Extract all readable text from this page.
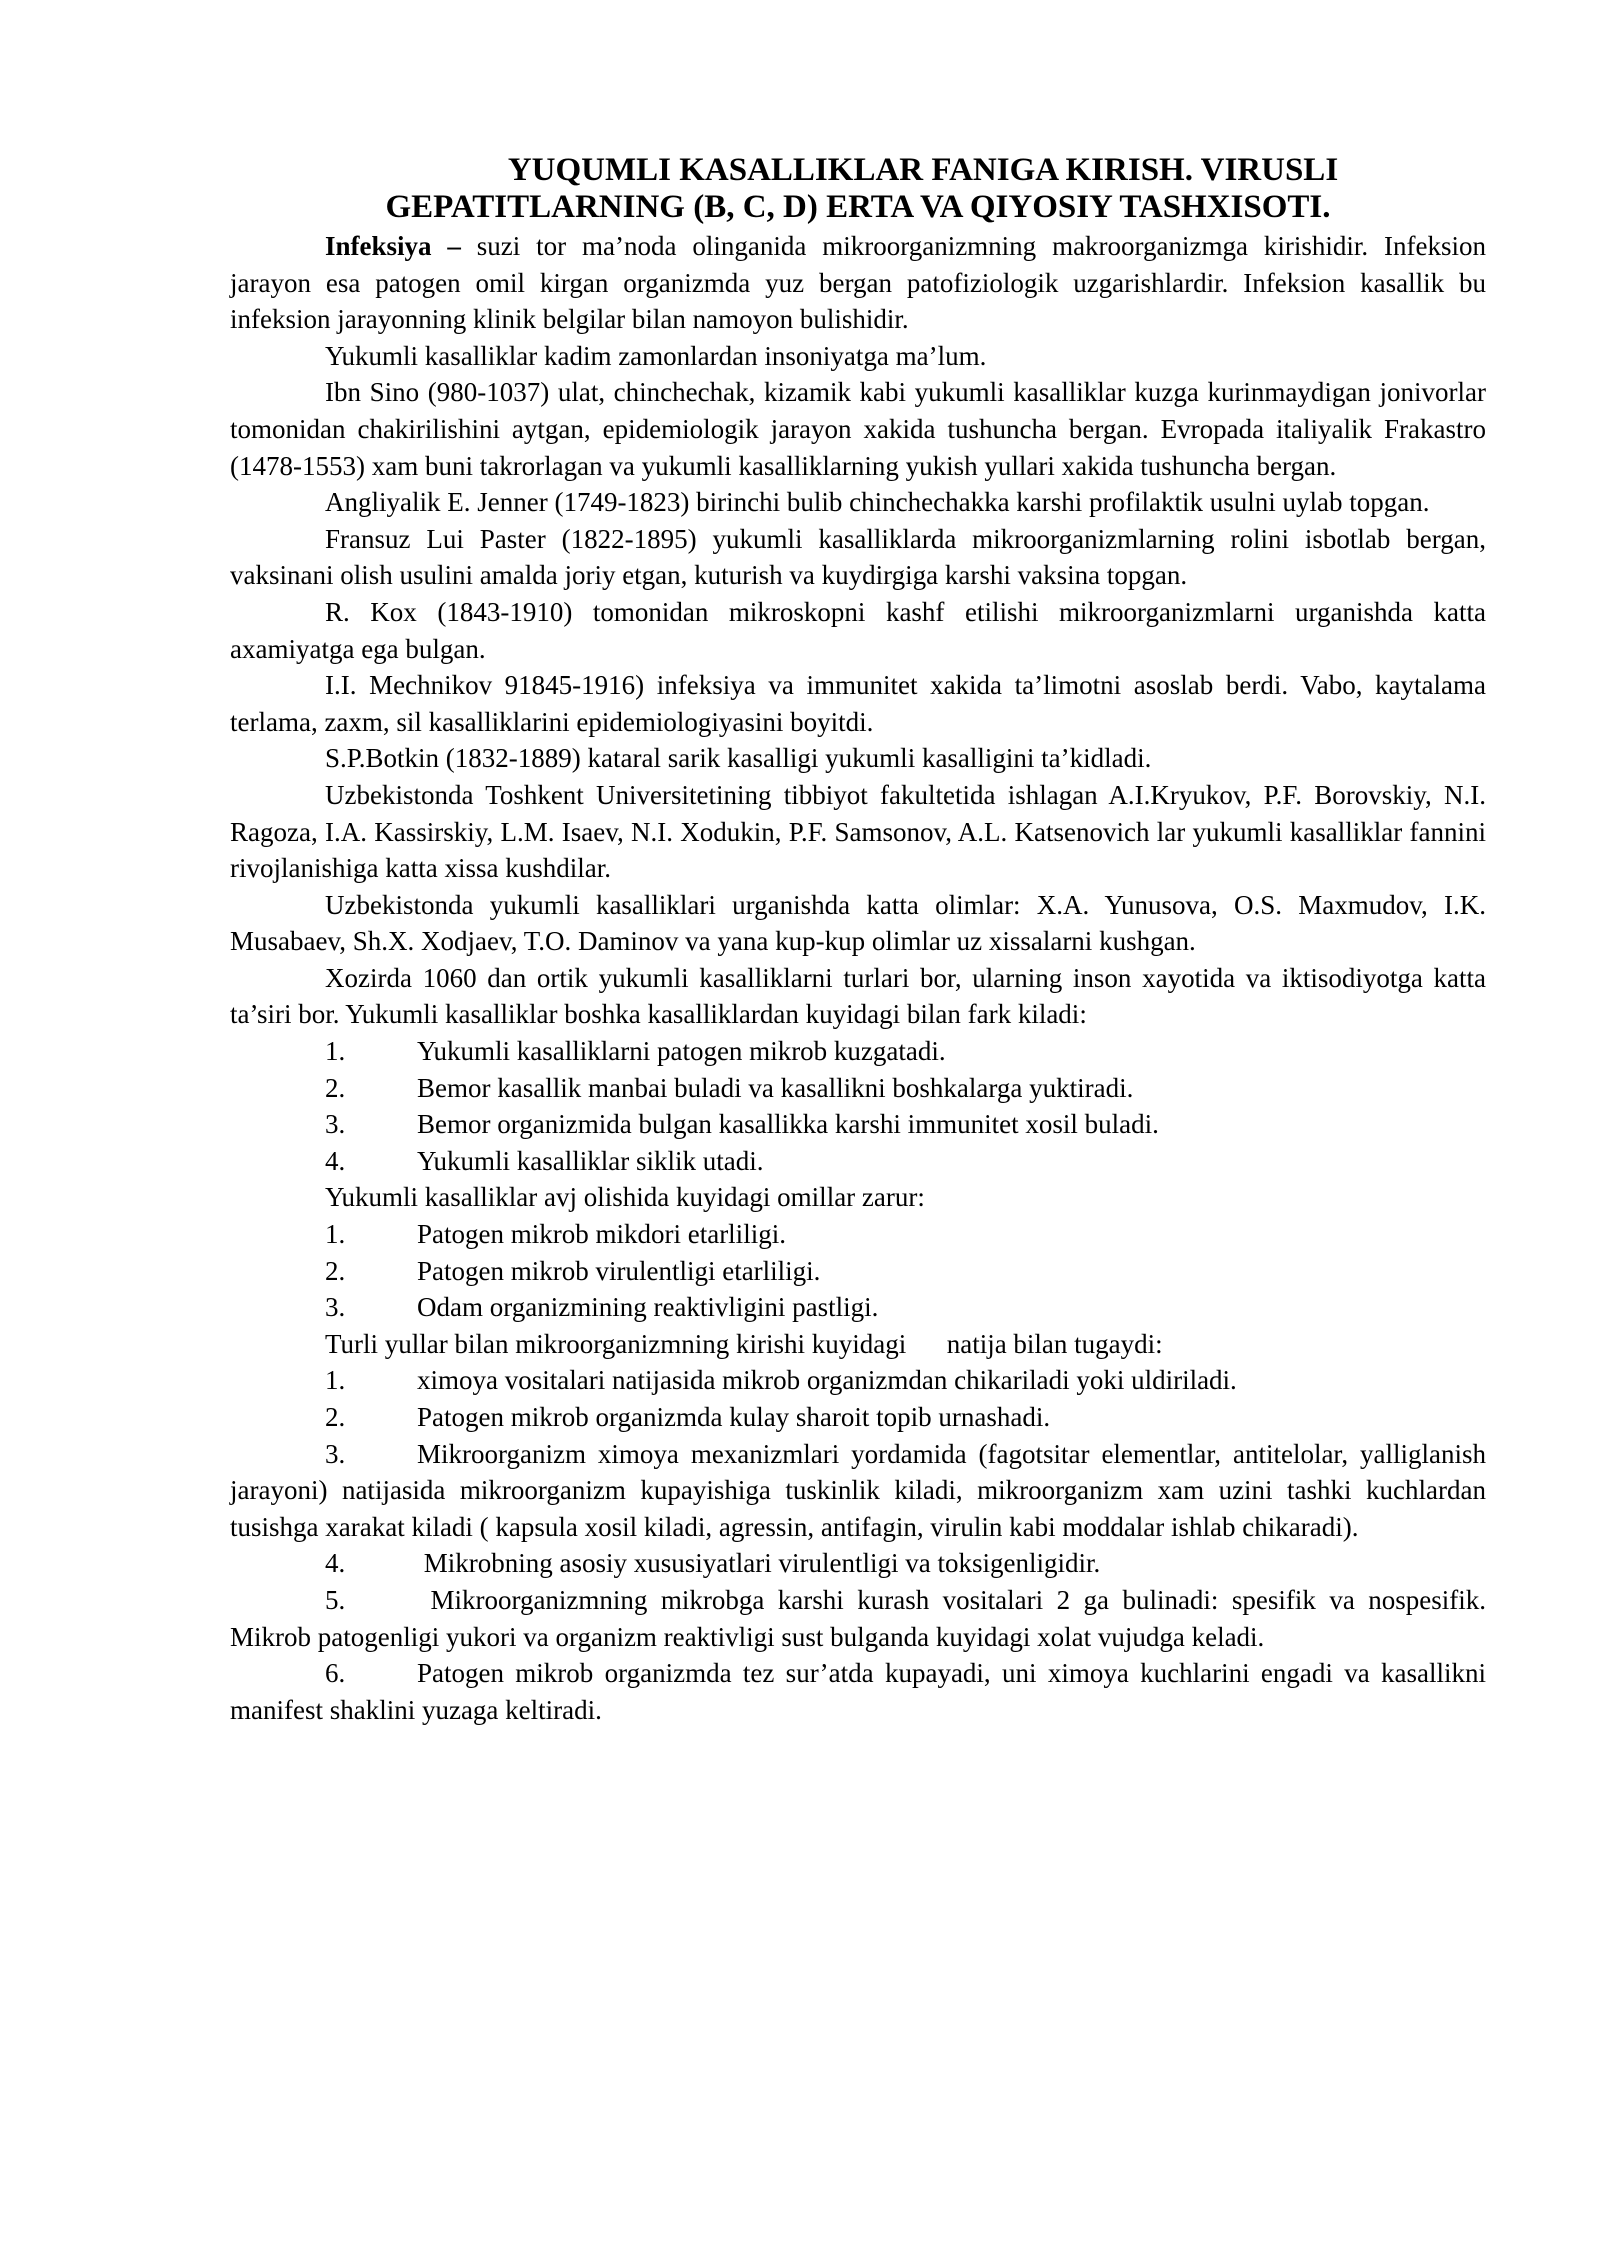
YUQUMLI KASALLIKLAR FANIGA KIRISH. VIRUSLI
GEPATITLARNING (B, C, D) ERTA VA QIYOSIY TASHXISOTI.

Infeksiya – suzi tor ma’noda olinganida mikroorganizmning makroorganizmga kirishidir. Infeksion jarayon esa patogen omil kirgan organizmda yuz bergan patofiziologik uzgarishlardir. Infeksion kasallik bu infeksion jarayonning klinik belgilar bilan namoyon bulishidir.

Yukumli kasalliklar kadim zamonlardan insoniyatga ma’lum.

Ibn Sino (980-1037) ulat, chinchechak, kizamik kabi yukumli kasalliklar kuzga kurinmaydigan jonivorlar tomonidan chakirilishini aytgan, epidemiologik jarayon xakida tushuncha bergan. Evropada italiyalik Frakastro (1478-1553) xam buni takrorlagan va yukumli kasalliklarning yukish yullari xakida tushuncha bergan.

Angliyalik E. Jenner (1749-1823) birinchi bulib chinchechakka karshi profilaktik usulni uylab topgan.

Fransuz Lui Paster (1822-1895) yukumli kasalliklarda mikroorganizmlarning rolini isbotlab bergan, vaksinani olish usulini amalda joriy etgan, kuturish va kuydirgiga karshi vaksina topgan.

R. Kox (1843-1910) tomonidan mikroskopni kashf etilishi mikroorganizmlarni urganishda katta axamiyatga ega bulgan.

I.I. Mechnikov 91845-1916) infeksiya va immunitet xakida ta’limotni asoslab berdi. Vabo, kaytalama terlama, zaxm, sil kasalliklarini epidemiologiyasini boyitdi.

S.P.Botkin (1832-1889) kataral sarik kasalligi yukumli kasalligini ta’kidladi.

Uzbekistonda Toshkent Universitetining tibbiyot fakultetida ishlagan A.I.Kryukov, P.F. Borovskiy, N.I. Ragoza, I.A. Kassirskiy, L.M. Isaev, N.I. Xodukin, P.F. Samsonov, A.L. Katsenovich lar yukumli kasalliklar fannini rivojlanishiga katta xissa kushdilar.

Uzbekistonda yukumli kasalliklari urganishda katta olimlar: X.A. Yunusova, O.S. Maxmudov, I.K. Musabaev, Sh.X. Xodjaev, T.O. Daminov va yana kup-kup olimlar uz xissalarni kushgan.

Xozirda 1060 dan ortik yukumli kasalliklarni turlari bor, ularning inson xayotida va iktisodiyotga katta ta’siri bor. Yukumli kasalliklar boshka kasalliklardan kuyidagi bilan fark kiladi:

1.	Yukumli kasalliklarni patogen mikrob kuzgatadi.

2.	Bemor kasallik manbai buladi va kasallikni boshkalarga yuktiradi.

3.	Bemor organizmida bulgan kasallikka karshi immunitet xosil buladi.

4.	Yukumli kasalliklar siklik utadi.

Yukumli kasalliklar avj olishida kuyidagi omillar zarur:

1.	Patogen mikrob mikdori etarliligi.

2.	Patogen mikrob virulentligi etarliligi.

3.	Odam organizmining reaktivligini pastligi.

Turli yullar bilan mikroorganizmning kirishi kuyidagi      natija bilan tugaydi:

1.	ximoya vositalari natijasida mikrob organizmdan chikariladi yoki uldiriladi.

2.	Patogen mikrob organizmda kulay sharoit topib urnashadi.

3.	Mikroorganizm ximoya mexanizmlari yordamida (fagotsitar elementlar, antitelolar, yalliglanish jarayoni) natijasida mikroorganizm kupayishiga tuskinlik kiladi, mikroorganizm xam uzini tashki kuchlardan tusishga xarakat kiladi ( kapsula xosil kiladi, agressin, antifagin, virulin kabi moddalar ishlab chikaradi).

4.	Mikrobning asosiy xususiyatlari virulentligi va toksigenligidir.

5.	Mikroorganizmning mikrobga karshi kurash vositalari 2 ga bulinadi: spesifik va nospesifik. Mikrob patogenligi yukori va organizm reaktivligi sust bulganda kuyidagi xolat vujudga keladi.

6.	Patogen mikrob organizmda tez sur’atda kupayadi, uni ximoya kuchlarini engadi va kasallikni manifest shaklini yuzaga keltiradi.
